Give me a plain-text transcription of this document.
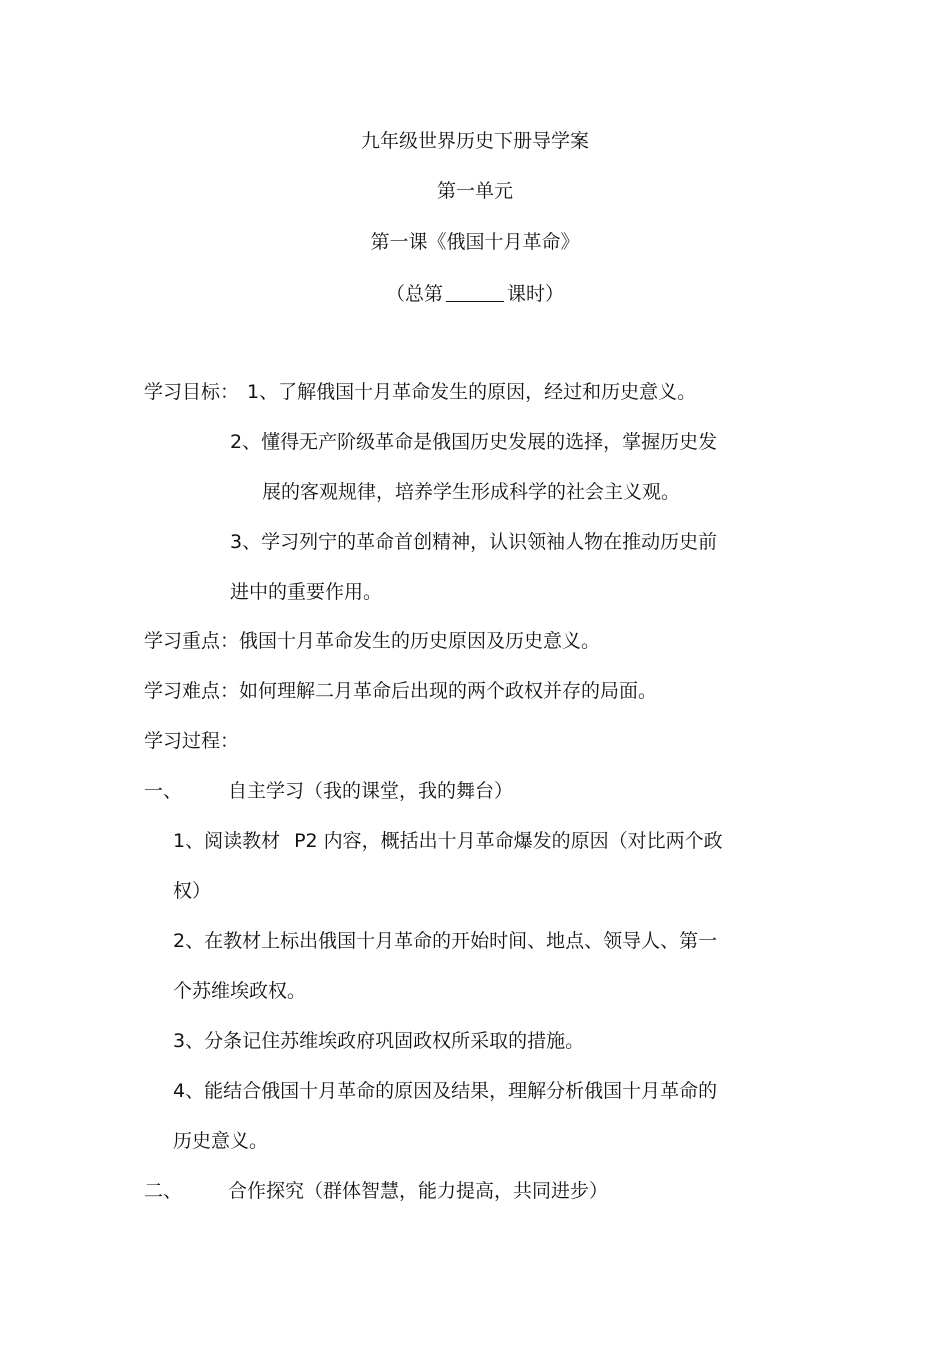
九年级世界历史下册导学案
第一单元
第一课《俄国十月革命》
（总第	课时）
学习目标： 1、了解俄国十月革命发生的原因，经过和历史意义。
2、懂得无产阶级革命是俄国历史发展的选择，掌握历史发
展的客观规律，培养学生形成科学的社会主义观。
3、学习列宁的革命首创精神，认识领袖人物在推动历史前
进中的重要作用。
学习重点：俄国十月革命发生的历史原因及历史意义。
学习难点：如何理解二月革命后出现的两个政权并存的局面。
学习过程：
一、 自主学习（我的课堂，我的舞台）
1、阅读教材 P2 内容，概括出十月革命爆发的原因（对比两个政
权）
2、在教材上标出俄国十月革命的开始时间、地点、领导人、第一
个苏维埃政权。
3、分条记住苏维埃政府巩固政权所采取的措施。
4、能结合俄国十月革命的原因及结果，理解分析俄国十月革命的
历史意义。
二、 合作探究（群体智慧，能力提高，共同进步）
